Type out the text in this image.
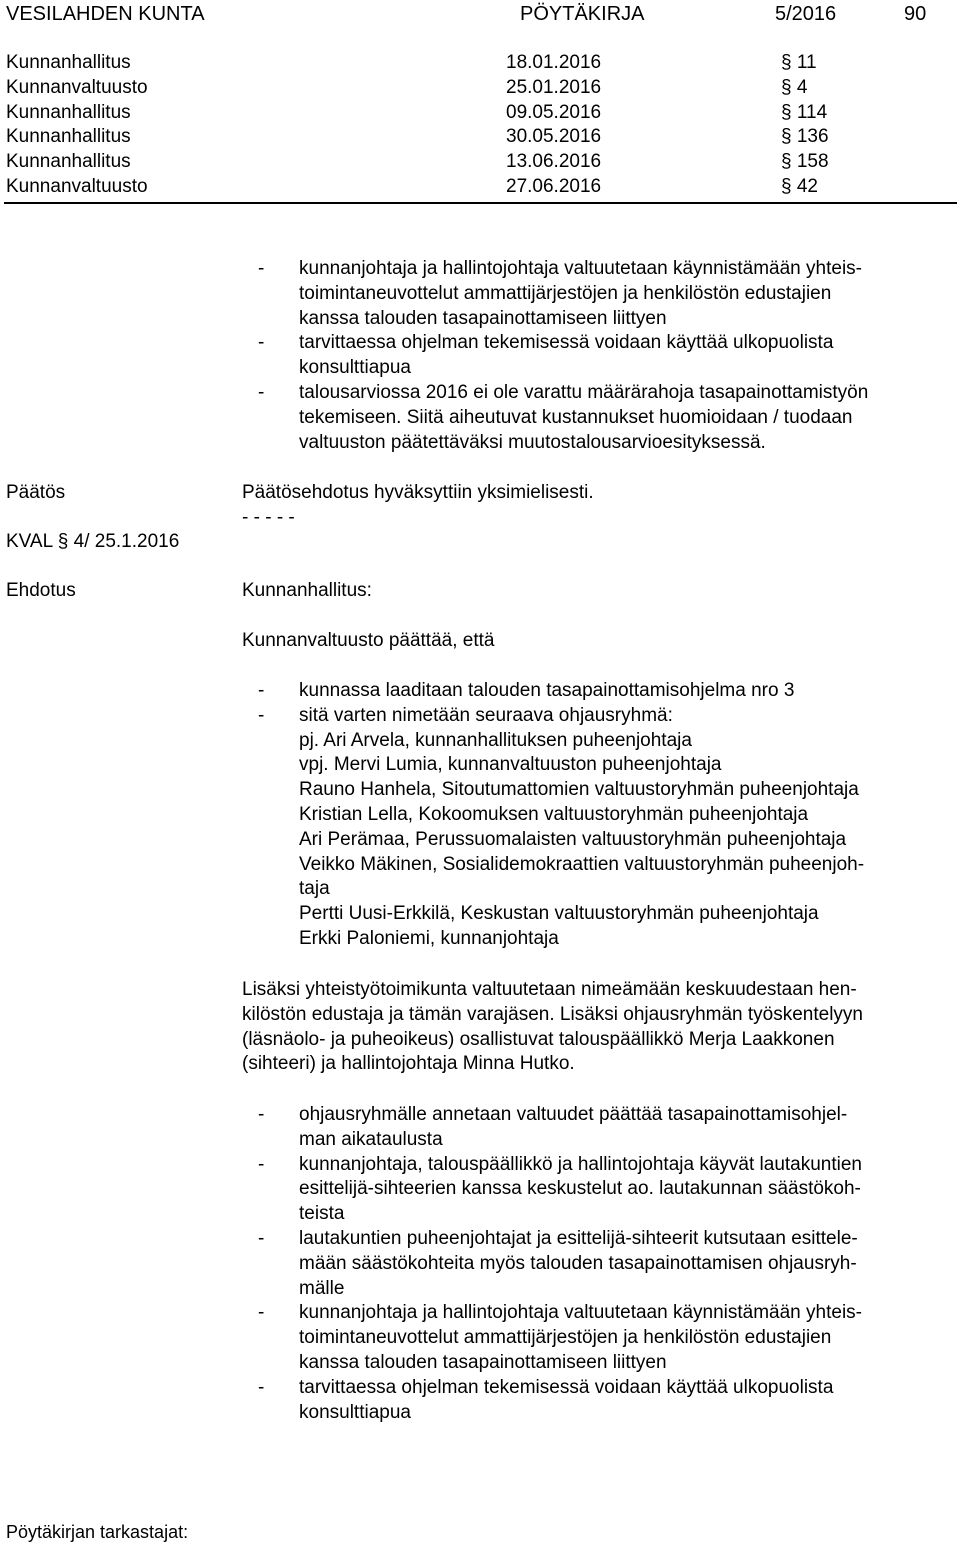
VESILAHDEN KUNTA	PÖYTÄKIRJA	5/2016	90
Kunnanhallitus	18.01.2016	§ 11
Kunnanvaltuusto	25.01.2016	§ 4
Kunnanhallitus	09.05.2016	§ 114
Kunnanhallitus	30.05.2016	§ 136
Kunnanhallitus	13.06.2016	§ 158
Kunnanvaltuusto	27.06.2016	§ 42
- kunnanjohtaja ja hallintojohtaja valtuutetaan käynnistämään yhteis-
toimintaneuvottelut ammattijärjestöjen ja henkilöstön edustajien
kanssa talouden tasapainottamiseen liittyen
- tarvittaessa ohjelman tekemisessä voidaan käyttää ulkopuolista
konsulttiapua
- talousarviossa 2016 ei ole varattu määrärahoja tasapainottamistyön
tekemiseen. Siitä aiheutuvat kustannukset huomioidaan / tuodaan
valtuuston päätettäväksi muutostalousarvioesityksessä.
Päätös	Päätösehdotus hyväksyttiin yksimielisesti.
- - - - -
KVAL § 4/ 25.1.2016
Ehdotus	Kunnanhallitus:
Kunnanvaltuusto päättää, että
- kunnassa laaditaan talouden tasapainottamisohjelma nro 3
- sitä varten nimetään seuraava ohjausryhmä:
pj. Ari Arvela, kunnanhallituksen puheenjohtaja
vpj. Mervi Lumia, kunnanvaltuuston puheenjohtaja
Rauno Hanhela, Sitoutumattomien valtuustoryhmän puheenjohtaja
Kristian Lella, Kokoomuksen valtuustoryhmän puheenjohtaja
Ari Perämaa, Perussuomalaisten valtuustoryhmän puheenjohtaja
Veikko Mäkinen, Sosialidemokraattien valtuustoryhmän puheenjoh-
taja
Pertti Uusi-Erkkilä, Keskustan valtuustoryhmän puheenjohtaja
Erkki Paloniemi, kunnanjohtaja
Lisäksi yhteistyötoimikunta valtuutetaan nimeämään keskuudestaan hen-
kilöstön edustaja ja tämän varajäsen. Lisäksi ohjausryhmän työskentelyyn
(läsnäolo- ja puheoikeus) osallistuvat talouspäällikkö Merja Laakkonen
(sihteeri) ja hallintojohtaja Minna Hutko.
- ohjausryhmälle annetaan valtuudet päättää tasapainottamisohjel-
man aikataulusta
- kunnanjohtaja, talouspäällikkö ja hallintojohtaja käyvät lautakuntien
esittelijä-sihteerien kanssa keskustelut ao. lautakunnan säästökoh-
teista
- lautakuntien puheenjohtajat ja esittelijä-sihteerit kutsutaan esittele-
mään säästökohteita myös talouden tasapainottamisen ohjausryh-
mälle
- kunnanjohtaja ja hallintojohtaja valtuutetaan käynnistämään yhteis-
toimintaneuvottelut ammattijärjestöjen ja henkilöstön edustajien
kanssa talouden tasapainottamiseen liittyen
- tarvittaessa ohjelman tekemisessä voidaan käyttää ulkopuolista
konsulttiapua
Pöytäkirjan tarkastajat:
